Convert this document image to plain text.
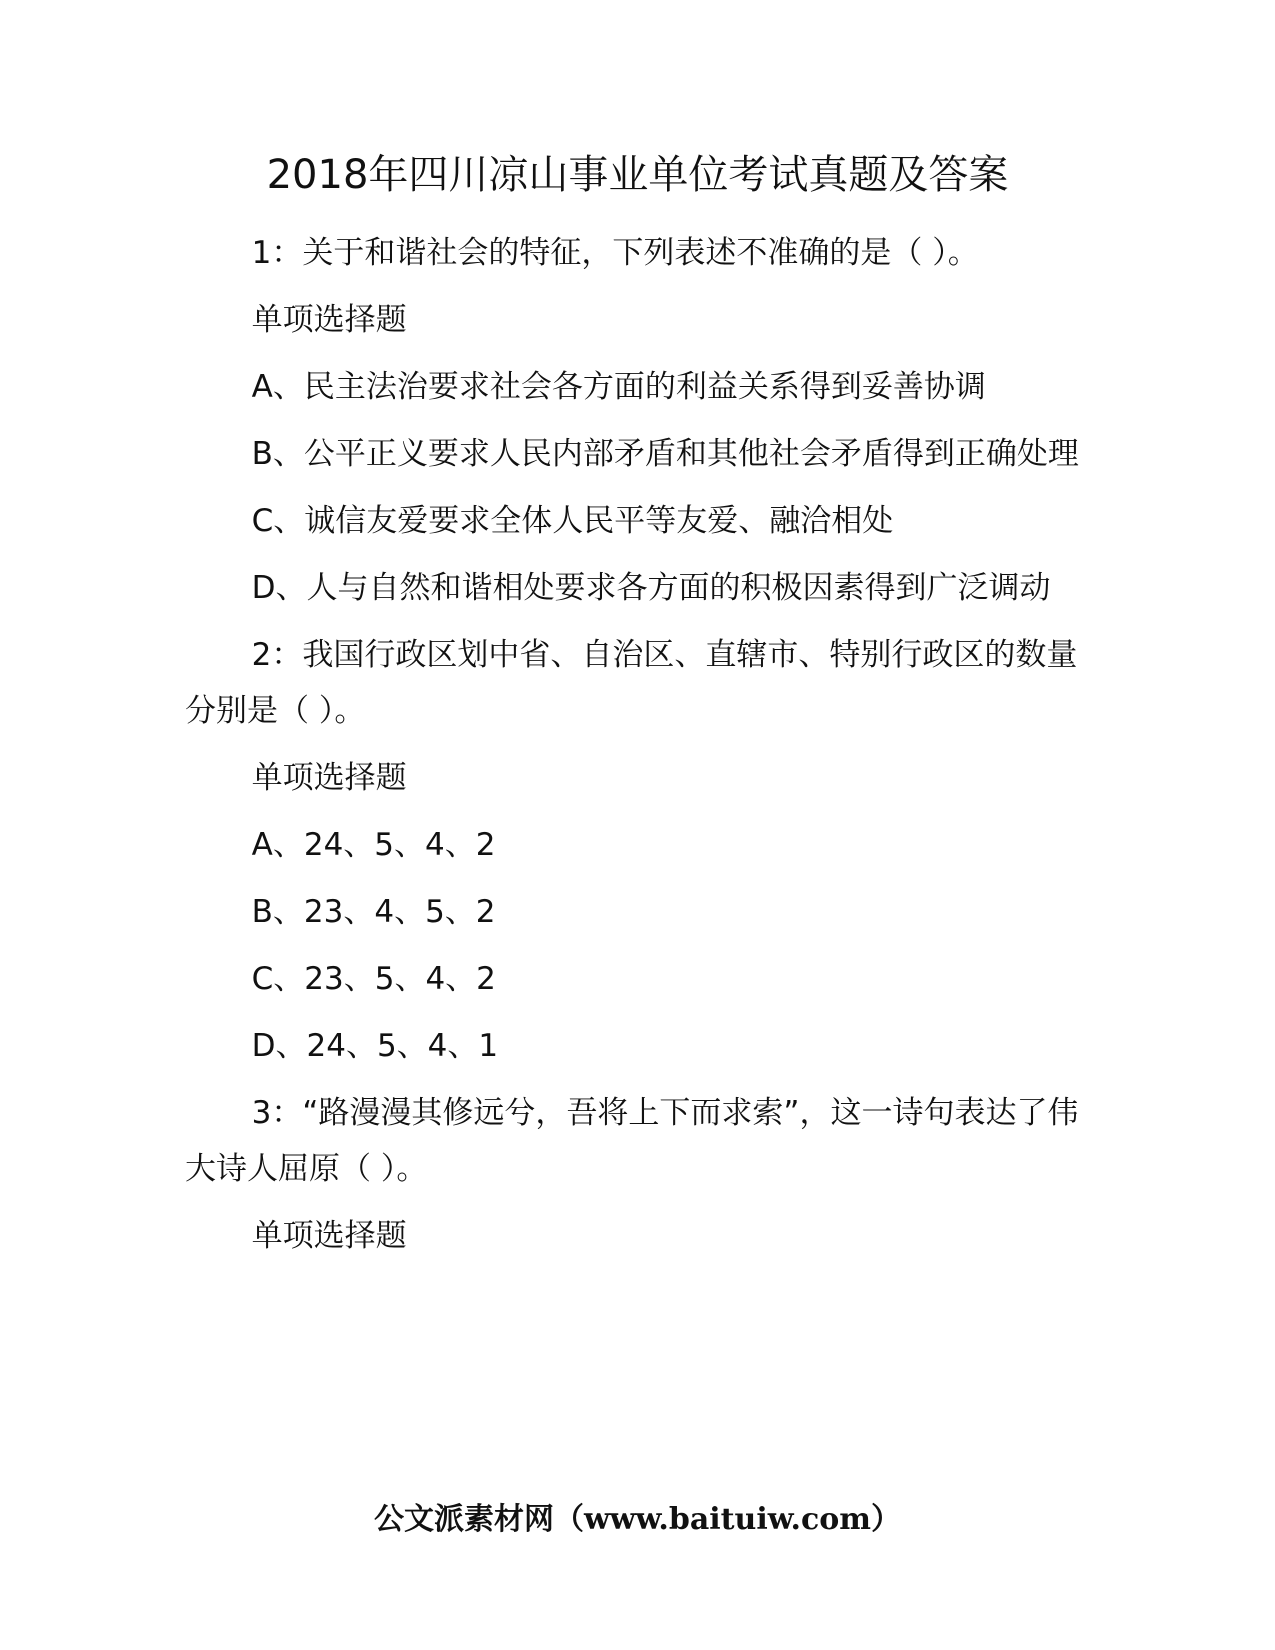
2018年四川凉山事业单位考试真题及答案

1：关于和谐社会的特征，下列表述不准确的是（ ）。

单项选择题

A、民主法治要求社会各方面的利益关系得到妥善协调

B、公平正义要求人民内部矛盾和其他社会矛盾得到正确处理

C、诚信友爱要求全体人民平等友爱、融洽相处

D、人与自然和谐相处要求各方面的积极因素得到广泛调动

2：我国行政区划中省、自治区、直辖市、特别行政区的数量分别是（ ）。

单项选择题

A、24、5、4、2

B、23、4、5、2

C、23、5、4、2

D、24、5、4、1

3：“路漫漫其修远兮，吾将上下而求索”，这一诗句表达了伟大诗人屈原（ ）。

单项选择题

公文派素材网（www.baituiw.com）
